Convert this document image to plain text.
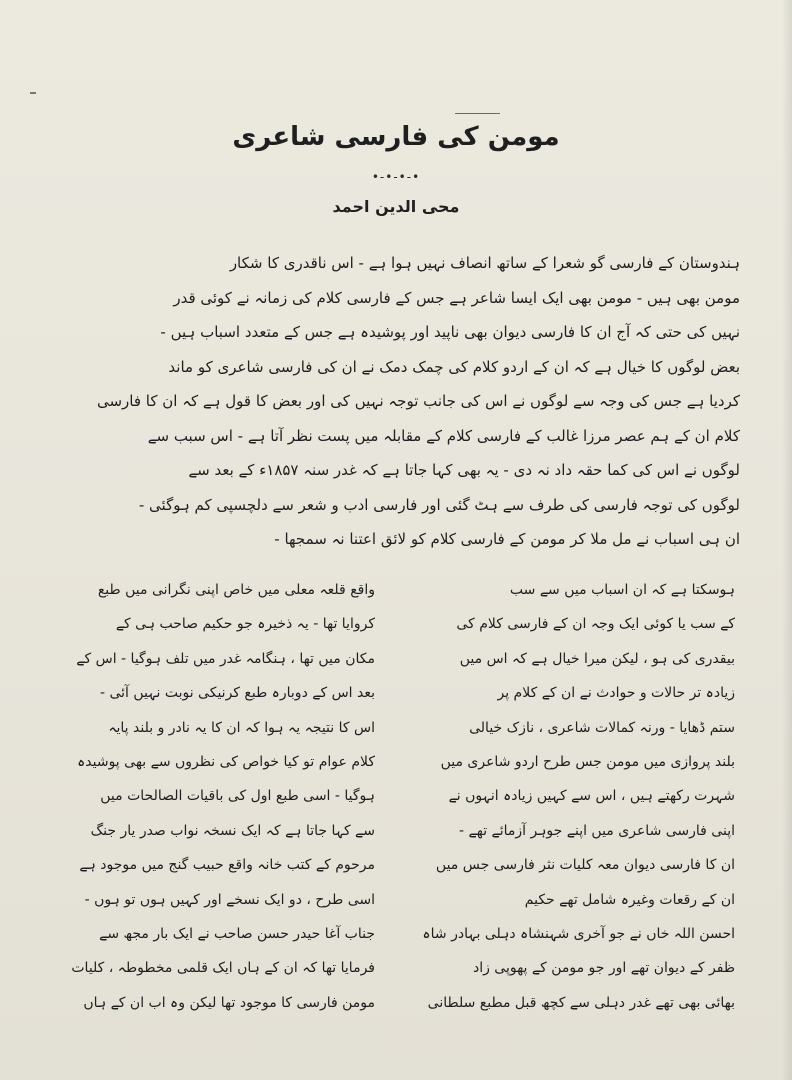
مومن کی فارسی شاعری
•-•-•-•
محی الدین احمد
ہندوستان کے فارسی گو شعرا کے ساتھ انصاف نہیں ہوا ہے - اس ناقدری کا شکار
مومن بھی ہیں - مومن بھی ایک ایسا شاعر ہے جس کے فارسی کلام کی زمانہ نے کوئی قدر
نہیں کی حتی کہ آج ان کا فارسی دیوان بھی ناپید اور پوشیدہ ہے جس کے متعدد اسباب ہیں -
بعض لوگوں کا خیال ہے کہ ان کے اردو کلام کی چمک دمک نے ان کی فارسی شاعری کو ماند
کردیا ہے جس کی وجہ سے لوگوں نے اس کی جانب توجہ نہیں کی اور بعض کا قول ہے کہ ان کا فارسی
کلام ان کے ہم عصر مرزا غالب کے فارسی کلام کے مقابلہ میں پست نظر آتا ہے - اس سبب سے
لوگوں نے اس کی کما حقہ داد نہ دی - یہ بھی کہا جاتا ہے کہ غدر سنہ ۱۸۵۷ء کے بعد سے
لوگوں کی توجہ فارسی کی طرف سے ہٹ گئی اور فارسی ادب و شعر سے دلچسپی کم ہوگئی -
ان ہی اسباب نے مل ملا کر مومن کے فارسی کلام کو لائق اعتنا نہ سمجھا -
ہوسکتا ہے کہ ان اسباب میں سے سب
کے سب یا کوئی ایک وجہ ان کے فارسی کلام کی
بیقدری کی ہو ، لیکن میرا خیال ہے کہ اس میں
زیادہ تر حالات و حوادث نے ان کے کلام پر
ستم ڈھایا - ورنہ کمالات شاعری ، نازک خیالی
بلند پروازی میں مومن جس طرح اردو شاعری میں
شہرت رکھتے ہیں ، اس سے کہیں زیادہ انہوں نے
اپنی فارسی شاعری میں اپنے جوہر آزمائے تھے -
ان کا فارسی دیوان معہ کلیات نثر فارسی جس میں
ان کے رقعات وغیرہ شامل تھے حکیم
احسن اللہ خاں نے جو آخری شہنشاہ دہلی بہادر شاہ
ظفر کے دیوان تھے اور جو مومن کے پھوپی زاد
بھائی بھی تھے غدر دہلی سے کچھ قبل مطبع سلطانی
واقع قلعہ معلی میں خاص اپنی نگرانی میں طبع
کروایا تھا - یہ ذخیرہ جو حکیم صاحب ہی کے
مکان میں تھا ، ہنگامہ غدر میں تلف ہوگیا - اس کے
بعد اس کے دوبارہ طبع کرنیکی نوبت نہیں آئی -
اس کا نتیجہ یہ ہوا کہ ان کا یہ نادر و بلند پایہ
کلام عوام تو کیا خواص کی نظروں سے بھی پوشیدہ
ہوگیا - اسی طبع اول کی باقیات الصالحات میں
سے کہا جاتا ہے کہ ایک نسخہ نواب صدر یار جنگ
مرحوم کے کتب خانہ واقع حبیب گنج میں موجود ہے
اسی طرح ، دو ایک نسخے اور کہیں ہوں تو ہوں -
جناب آغا حیدر حسن صاحب نے ایک بار مجھ سے
فرمایا تھا کہ ان کے ہاں ایک قلمی مخطوطہ ، کلیات
مومن فارسی کا موجود تھا لیکن وہ اب ان کے ہاں
